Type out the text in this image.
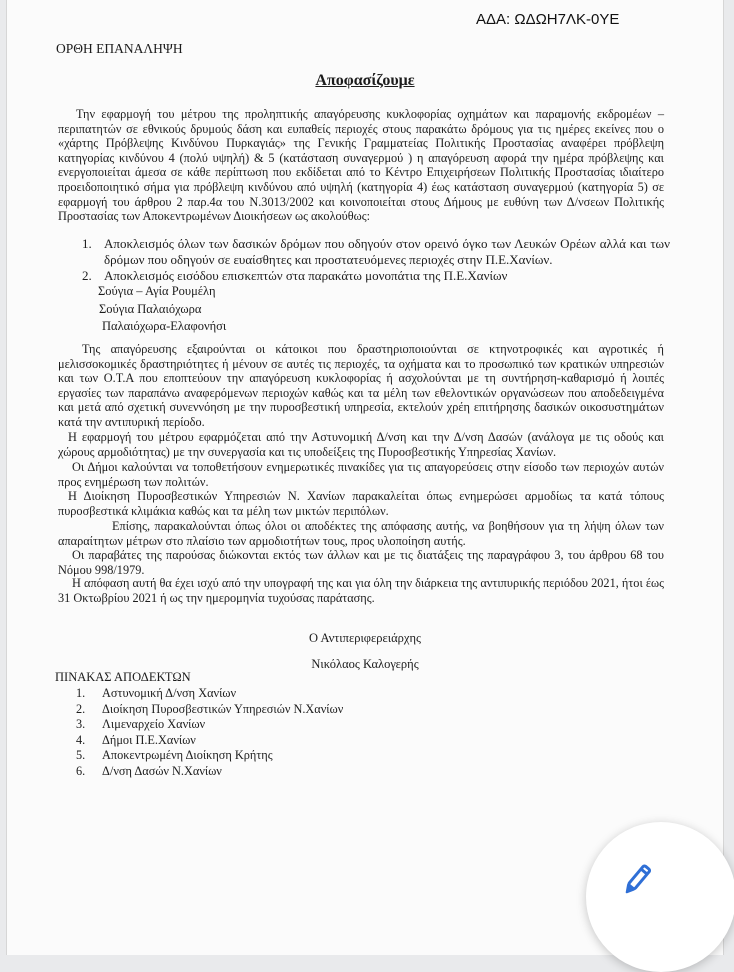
ΑΔΑ: ΩΔΩΗ7ΛΚ-0ΥΕ
ΟΡΘΗ ΕΠΑΝΑΛΗΨΗ
Αποφασίζουμε
Την εφαρμογή του μέτρου της προληπτικής απαγόρευσης κυκλοφορίας οχημάτων και παραμονής εκδρομέων – περιπατητών σε εθνικούς δρυμούς δάση και ευπαθείς περιοχές στους παρακάτω δρόμους για τις ημέρες εκείνες που ο «χάρτης Πρόβλεψης Κινδύνου Πυρκαγιάς» της Γενικής Γραμματείας Πολιτικής Προστασίας αναφέρει πρόβλεψη κατηγορίας κινδύνου 4 (πολύ υψηλή) & 5 (κατάσταση συναγερμού ) η απαγόρευση αφορά την ημέρα πρόβλεψης και ενεργοποιείται άμεσα σε κάθε περίπτωση που εκδίδεται από το Κέντρο Επιχειρήσεων Πολιτικής Προστασίας ιδιαίτερο προειδοποιητικό σήμα για πρόβλεψη κινδύνου από υψηλή (κατηγορία 4) έως κατάσταση συναγερμού (κατηγορία 5) σε εφαρμογή του άρθρου 2 παρ.4α του Ν.3013/2002 και κοινοποιείται στους Δήμους με ευθύνη των Δ/νσεων Πολιτικής Προστασίας των Αποκεντρωμένων Διοικήσεων ως ακολούθως:
1. Αποκλεισμός όλων των δασικών δρόμων που οδηγούν στον ορεινό όγκο των Λευκών Ορέων αλλά και των δρόμων που οδηγούν σε ευαίσθητες και προστατευόμενες περιοχές στην Π.Ε.Χανίων.
2. Αποκλεισμός εισόδου επισκεπτών στα παρακάτω μονοπάτια της Π.Ε.Χανίων
Σούγια – Αγία Ρουμέλη
Σούγια Παλαιόχωρα
Παλαιόχωρα-Ελαφονήσι
Της απαγόρευσης εξαιρούνται οι κάτοικοι που δραστηριοποιούνται σε κτηνοτροφικές και αγροτικές ή μελισσοκομικές δραστηριότητες ή μένουν σε αυτές τις περιοχές, τα οχήματα και το προσωπικό των κρατικών υπηρεσιών και των Ο.Τ.Α που εποπτεύουν την απαγόρευση κυκλοφορίας ή ασχολούνται με τη συντήρηση-καθαρισμό ή λοιπές εργασίες των παραπάνω αναφερόμενων περιοχών καθώς και τα μέλη των εθελοντικών οργανώσεων που αποδεδειγμένα και μετά από σχετική συνεννόηση με την πυροσβεστική υπηρεσία, εκτελούν χρέη επιτήρησης δασικών οικοσυστημάτων κατά την αντιπυρική περίοδο.
Η εφαρμογή του μέτρου εφαρμόζεται από την Αστυνομική Δ/νση και την Δ/νση Δασών (ανάλογα με τις οδούς και χώρους αρμοδιότητας) με την συνεργασία και τις υποδείξεις της Πυροσβεστικής Υπηρεσίας Χανίων.
Οι Δήμοι καλούνται να τοποθετήσουν ενημερωτικές πινακίδες για τις απαγορεύσεις στην είσοδο των περιοχών αυτών προς ενημέρωση των πολιτών.
Η Διοίκηση Πυροσβεστικών Υπηρεσιών Ν. Χανίων παρακαλείται όπως ενημερώσει αρμοδίως τα κατά τόπους πυροσβεστικά κλιμάκια καθώς και τα μέλη των μικτών περιπόλων.
Επίσης, παρακαλούνται όπως όλοι οι αποδέκτες της απόφασης αυτής, να βοηθήσουν για τη λήψη όλων των απαραίτητων μέτρων στο πλαίσιο των αρμοδιοτήτων τους, προς υλοποίηση αυτής.
Οι παραβάτες της παρούσας διώκονται εκτός των άλλων και με τις διατάξεις της παραγράφου 3, του άρθρου 68 του Νόμου 998/1979.
Η απόφαση αυτή θα έχει ισχύ από την υπογραφή της και για όλη την διάρκεια της αντιπυρικής περιόδου 2021, ήτοι έως 31 Οκτωβρίου 2021 ή ως την ημερομηνία τυχούσας παράτασης.
Ο Αντιπεριφερειάρχης
Νικόλαος Καλογερής
ΠΙΝΑΚΑΣ ΑΠΟΔΕΚΤΩΝ
1. Αστυνομική Δ/νση Χανίων
2. Διοίκηση Πυροσβεστικών Υπηρεσιών Ν.Χανίων
3. Λιμεναρχείο Χανίων
4. Δήμοι Π.Ε.Χανίων
5. Αποκεντρωμένη Διοίκηση Κρήτης
6. Δ/νση Δασών Ν.Χανίων
